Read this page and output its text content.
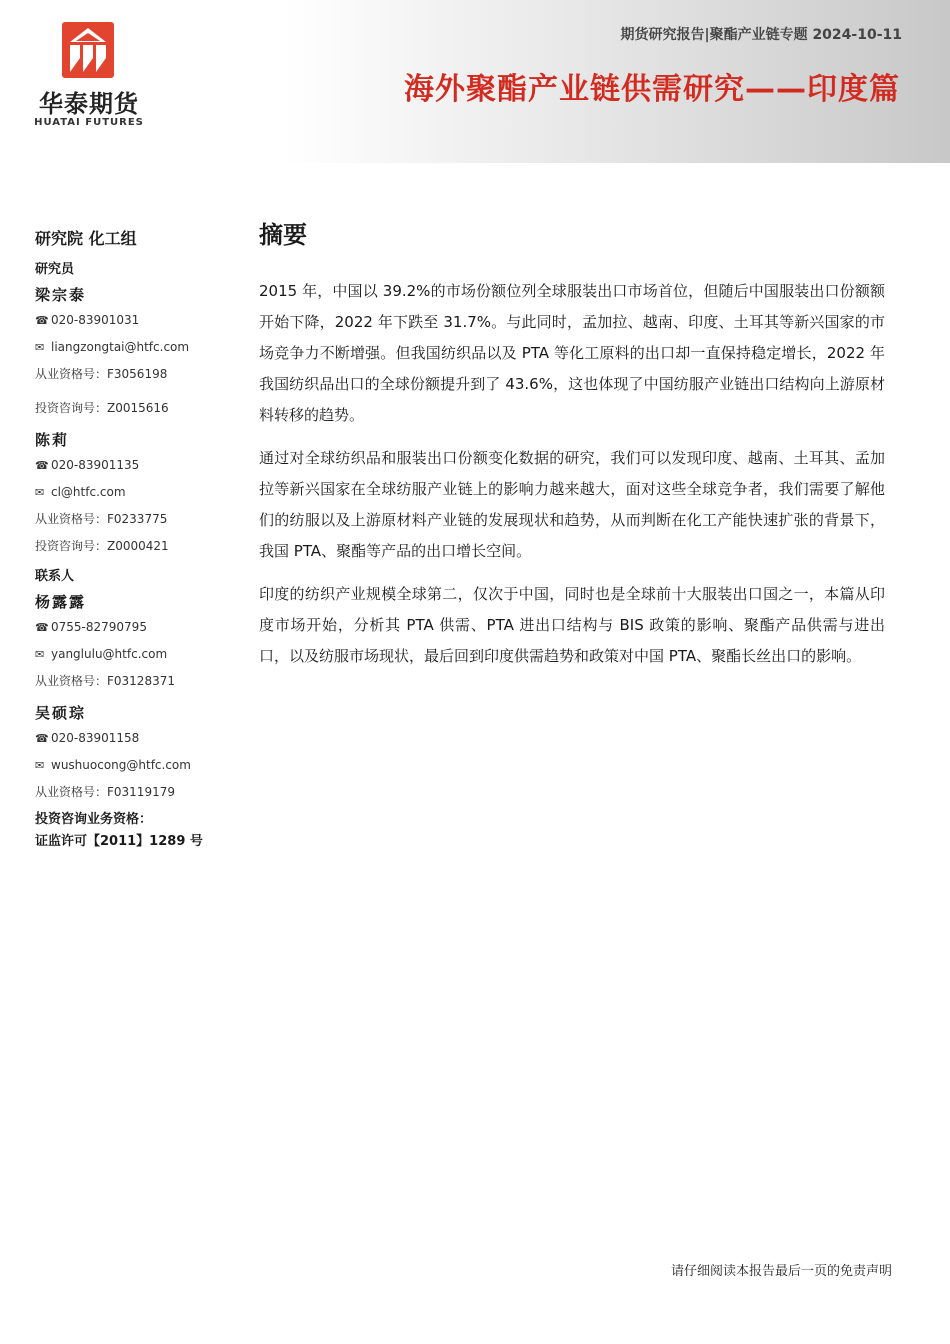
华泰期货
HUATAI FUTURES
期货研究报告|聚酯产业链专题 2024-10-11
海外聚酯产业链供需研究——印度篇
研究院 化工组
研究员
梁宗泰
☎ 020-83901031
✉ liangzongtai@htfc.com
从业资格号：F3056198
投资咨询号：Z0015616
陈莉
☎ 020-83901135
✉ cl@htfc.com
从业资格号：F0233775
投资咨询号：Z0000421
联系人
杨露露
☎ 0755-82790795
✉ yanglulu@htfc.com
从业资格号：F03128371
吴硕琮
☎ 020-83901158
✉ wushuocong@htfc.com
从业资格号：F03119179
投资咨询业务资格：
证监许可【2011】1289 号
摘要

2015 年，中国以 39.2%的市场份额位列全球服装出口市场首位，但随后中国服装出口份额额开始下降，2022 年下跌至 31.7%。与此同时，孟加拉、越南、印度、土耳其等新兴国家的市场竞争力不断增强。但我国纺织品以及 PTA 等化工原料的出口却一直保持稳定增长，2022 年我国纺织品出口的全球份额提升到了 43.6%，这也体现了中国纺服产业链出口结构向上游原材料转移的趋势。

通过对全球纺织品和服装出口份额变化数据的研究，我们可以发现印度、越南、土耳其、孟加拉等新兴国家在全球纺服产业链上的影响力越来越大，面对这些全球竞争者，我们需要了解他们的纺服以及上游原材料产业链的发展现状和趋势，从而判断在化工产能快速扩张的背景下，我国 PTA、聚酯等产品的出口增长空间。

印度的纺织产业规模全球第二，仅次于中国，同时也是全球前十大服装出口国之一，本篇从印度市场开始，分析其 PTA 供需、PTA 进出口结构与 BIS 政策的影响、聚酯产品供需与进出口，以及纺服市场现状，最后回到印度供需趋势和政策对中国 PTA、聚酯长丝出口的影响。

请仔细阅读本报告最后一页的免责声明
